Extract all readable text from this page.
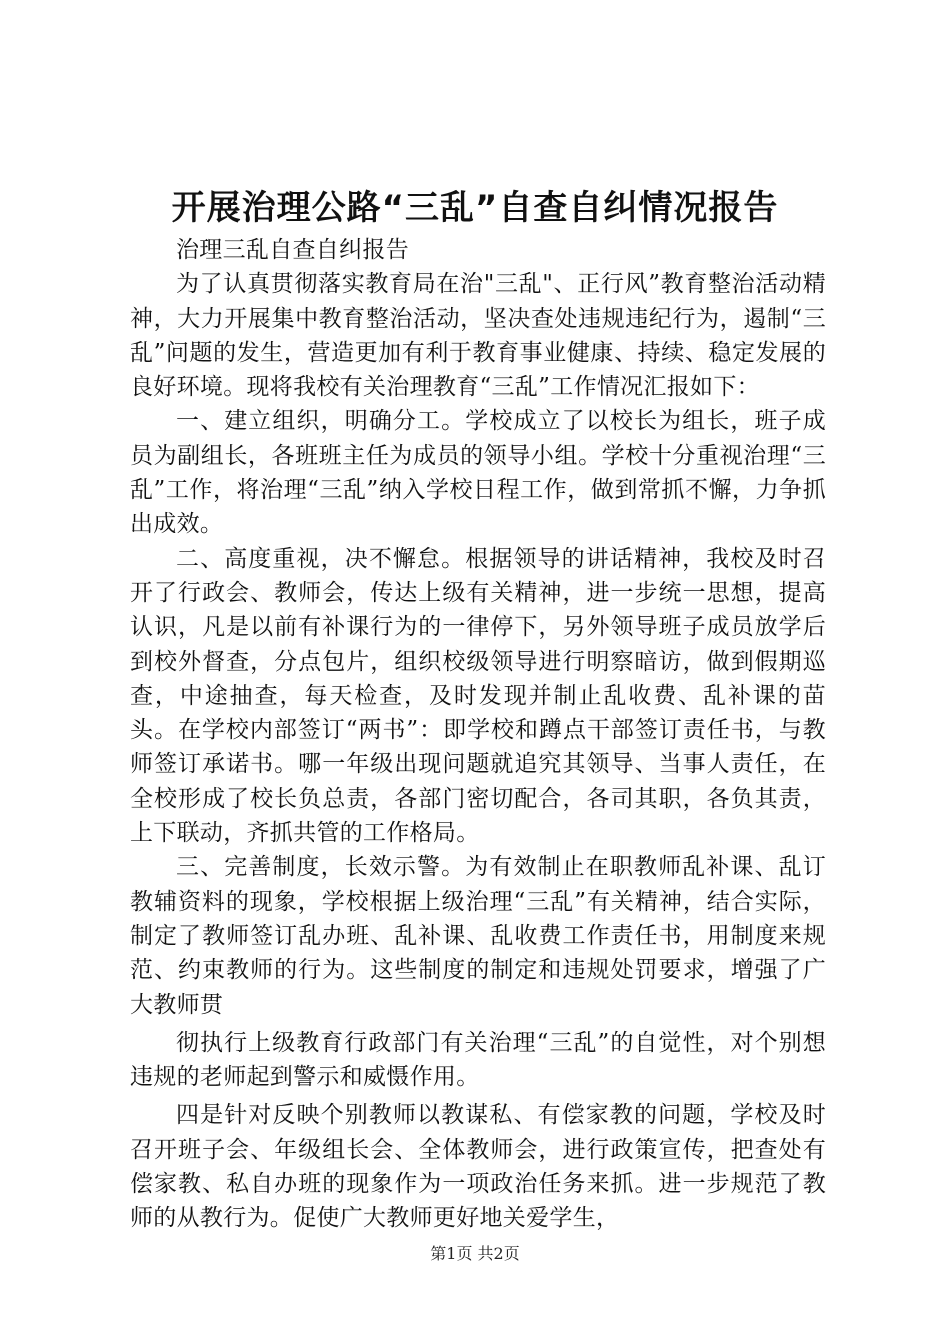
开展治理公路“三乱”自查自纠情况报告

治理三乱自查自纠报告

为了认真贯彻落实教育局在治"三乱"、正行风”教育整治活动精神，大力开展集中教育整治活动，坚决查处违规违纪行为，遏制“三乱”问题的发生，营造更加有利于教育事业健康、持续、稳定发展的良好环境。现将我校有关治理教育“三乱”工作情况汇报如下：

一、建立组织，明确分工。学校成立了以校长为组长，班子成员为副组长，各班班主任为成员的领导小组。学校十分重视治理“三乱”工作，将治理“三乱”纳入学校日程工作，做到常抓不懈，力争抓出成效。

二、高度重视，决不懈怠。根据领导的讲话精神，我校及时召开了行政会、教师会，传达上级有关精神，进一步统一思想，提高认识，凡是以前有补课行为的一律停下，另外领导班子成员放学后到校外督查，分点包片，组织校级领导进行明察暗访，做到假期巡查，中途抽查，每天检查，及时发现并制止乱收费、乱补课的苗头。在学校内部签订“两书”：即学校和蹲点干部签订责任书，与教师签订承诺书。哪一年级出现问题就追究其领导、当事人责任，在全校形成了校长负总责，各部门密切配合，各司其职，各负其责，上下联动，齐抓共管的工作格局。

三、完善制度，长效示警。为有效制止在职教师乱补课、乱订教辅资料的现象，学校根据上级治理“三乱”有关精神，结合实际，制定了教师签订乱办班、乱补课、乱收费工作责任书，用制度来规范、约束教师的行为。这些制度的制定和违规处罚要求，增强了广大教师贯

彻执行上级教育行政部门有关治理“三乱”的自觉性，对个别想违规的老师起到警示和威慑作用。

四是针对反映个别教师以教谋私、有偿家教的问题，学校及时召开班子会、年级组长会、全体教师会，进行政策宣传，把查处有偿家教、私自办班的现象作为一项政治任务来抓。进一步规范了教师的从教行为。促使广大教师更好地关爱学生，

第1页 共2页
